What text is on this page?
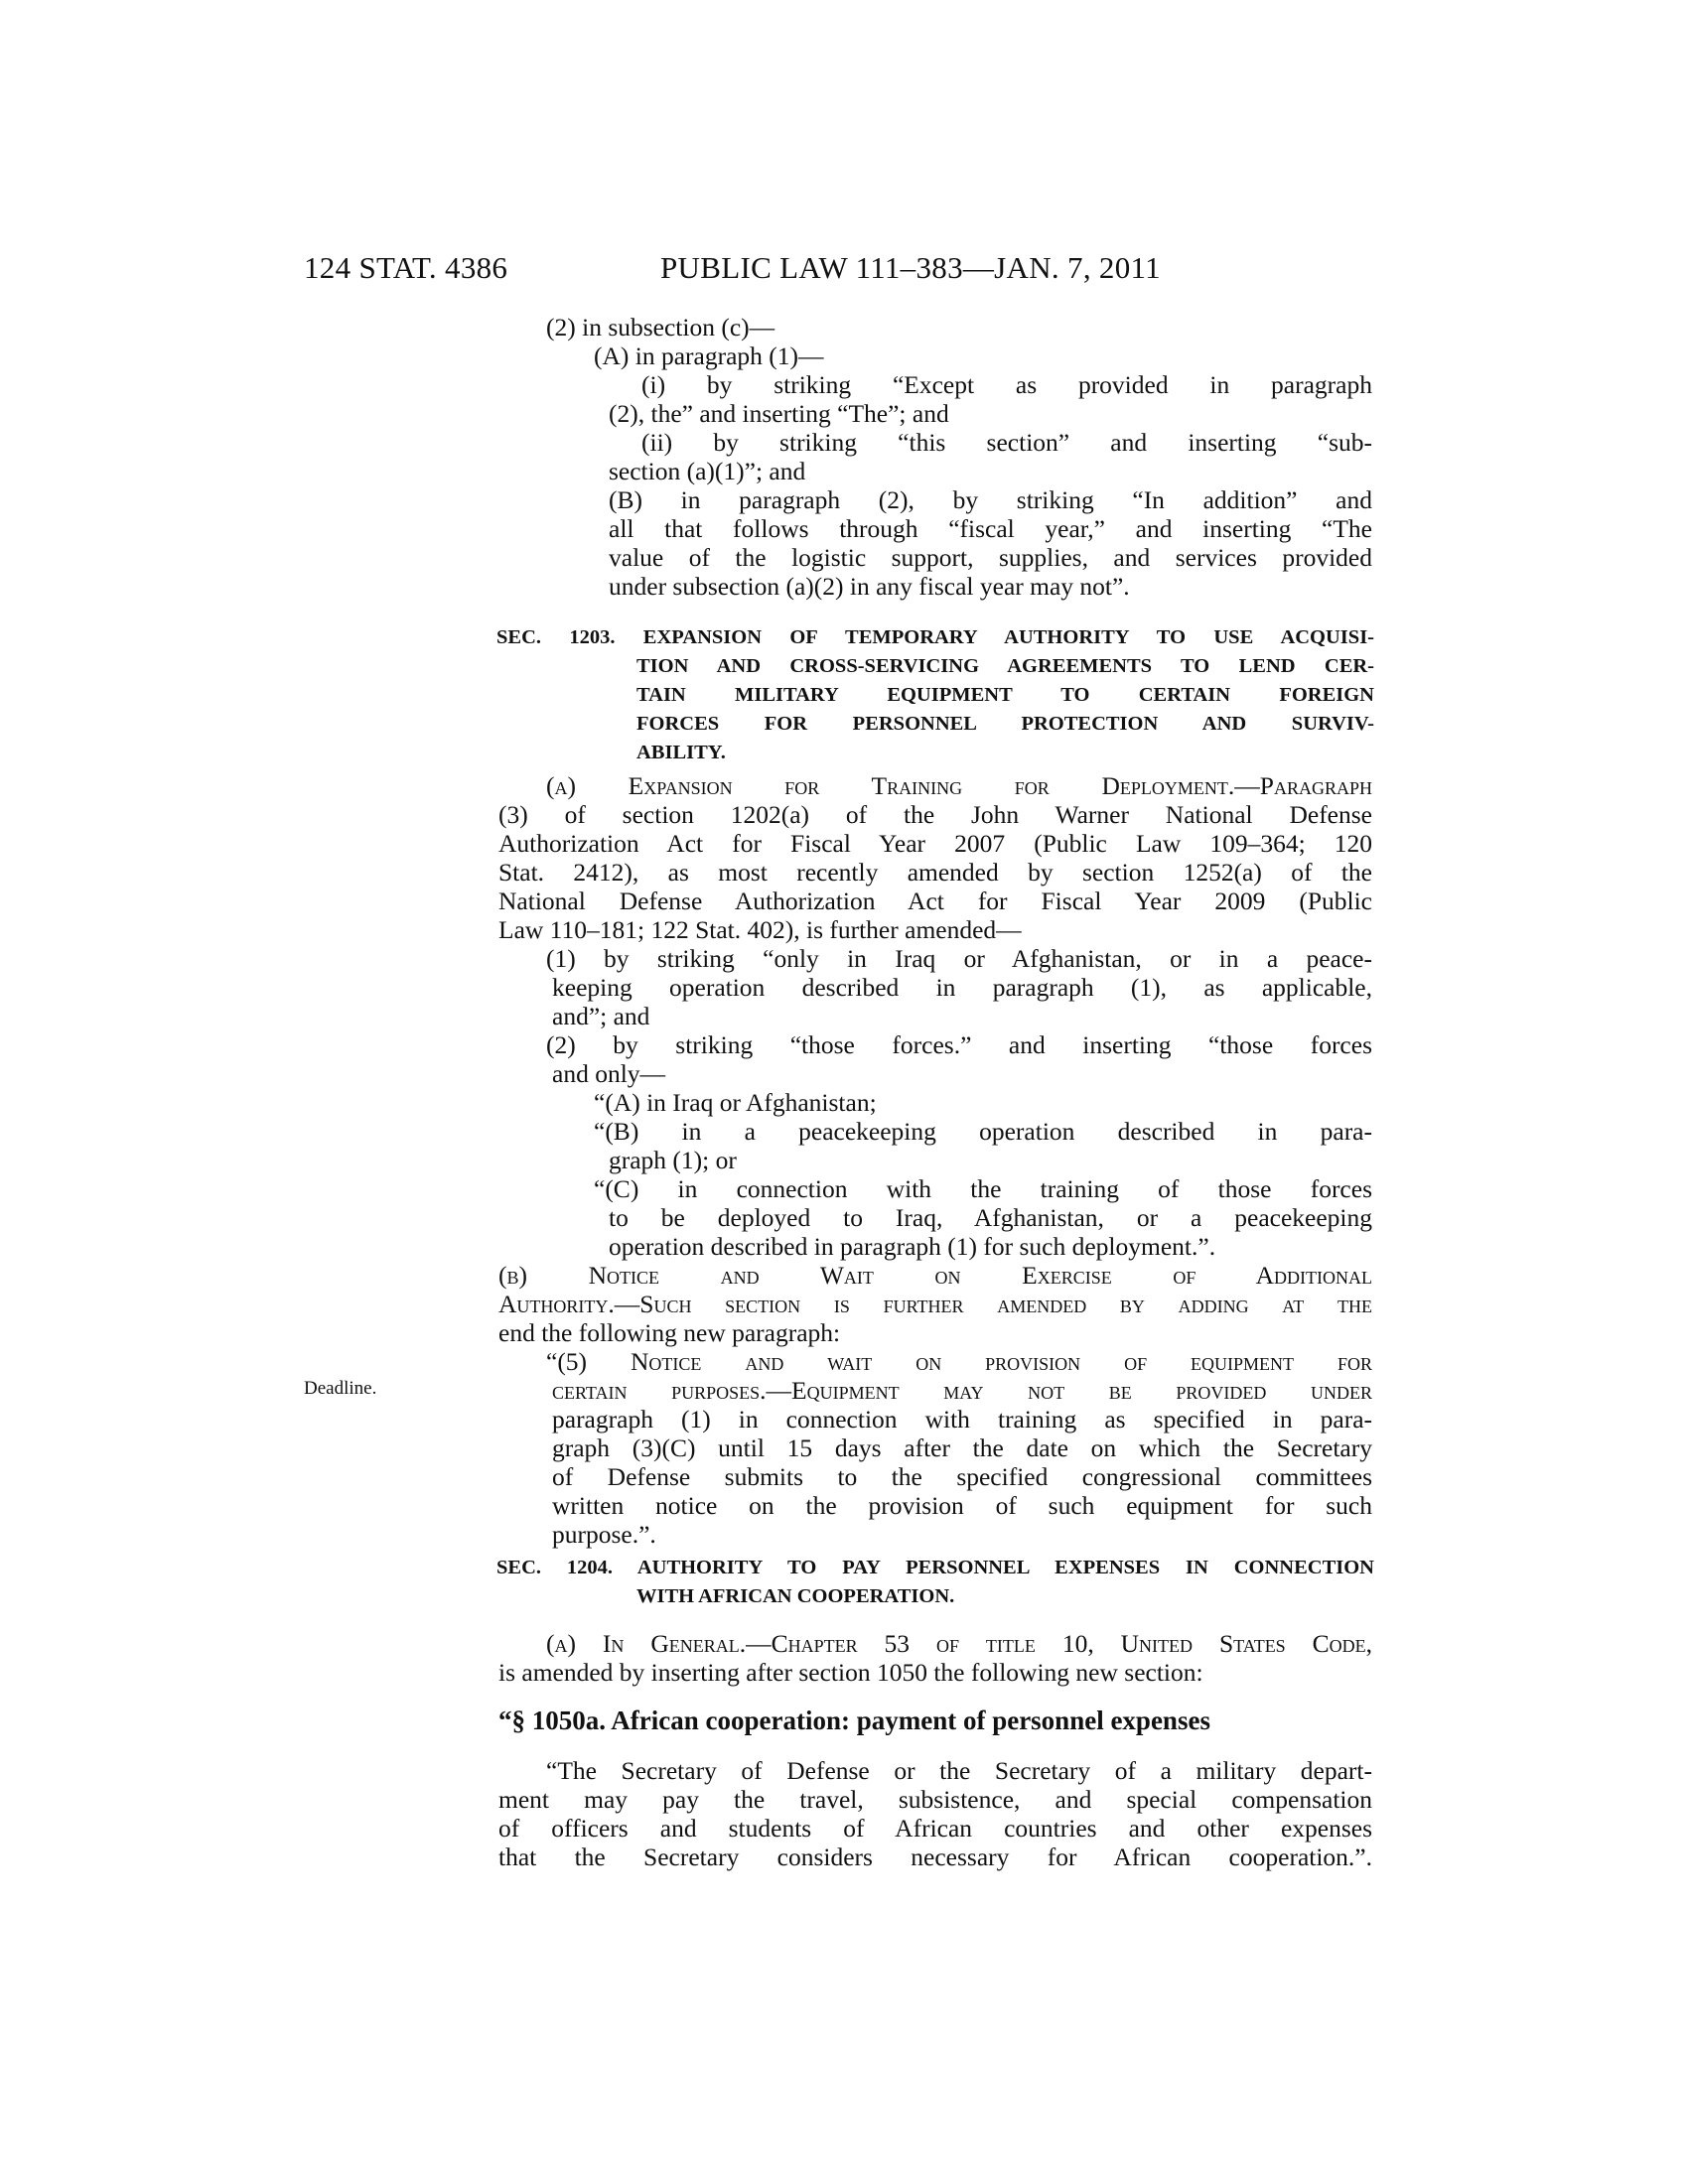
124 STAT. 4386	PUBLIC LAW 111–383—JAN. 7, 2011
(2) in subsection (c)—
(A) in paragraph (1)—
(i) by striking “Except as provided in paragraph
(2), the” and inserting “The”; and
(ii) by striking “this section” and inserting “sub-
section (a)(1)”; and
(B) in paragraph (2), by striking “In addition” and
all that follows through “fiscal year,” and inserting “The
value of the logistic support, supplies, and services provided
under subsection (a)(2) in any fiscal year may not”.
SEC. 1203. EXPANSION OF TEMPORARY AUTHORITY TO USE ACQUISI-
TION AND CROSS-SERVICING AGREEMENTS TO LEND CER-
TAIN MILITARY EQUIPMENT TO CERTAIN FOREIGN
FORCES FOR PERSONNEL PROTECTION AND SURVIV-
ABILITY.
(a) Expansion for Training for Deployment.—Paragraph
(3) of section 1202(a) of the John Warner National Defense
Authorization Act for Fiscal Year 2007 (Public Law 109–364; 120
Stat. 2412), as most recently amended by section 1252(a) of the
National Defense Authorization Act for Fiscal Year 2009 (Public
Law 110–181; 122 Stat. 402), is further amended—
(1) by striking “only in Iraq or Afghanistan, or in a peace-
keeping operation described in paragraph (1), as applicable,
and”; and
(2) by striking “those forces.” and inserting “those forces
and only—
“(A) in Iraq or Afghanistan;
“(B) in a peacekeeping operation described in para-
graph (1); or
“(C) in connection with the training of those forces
to be deployed to Iraq, Afghanistan, or a peacekeeping
operation described in paragraph (1) for such deployment.”.
(b) Notice and Wait on Exercise of Additional
Authority.—Such section is further amended by adding at the
end the following new paragraph:
“(5) Notice and wait on provision of equipment for
certain purposes.—Equipment may not be provided under
paragraph (1) in connection with training as specified in para-
graph (3)(C) until 15 days after the date on which the Secretary
of Defense submits to the specified congressional committees
written notice on the provision of such equipment for such
purpose.”.
Deadline.
SEC. 1204. AUTHORITY TO PAY PERSONNEL EXPENSES IN CONNECTION
WITH AFRICAN COOPERATION.
(a) In General.—Chapter 53 of title 10, United States Code,
is amended by inserting after section 1050 the following new section:
“§ 1050a. African cooperation: payment of personnel expenses
“The Secretary of Defense or the Secretary of a military depart-
ment may pay the travel, subsistence, and special compensation
of officers and students of African countries and other expenses
that the Secretary considers necessary for African cooperation.”.
